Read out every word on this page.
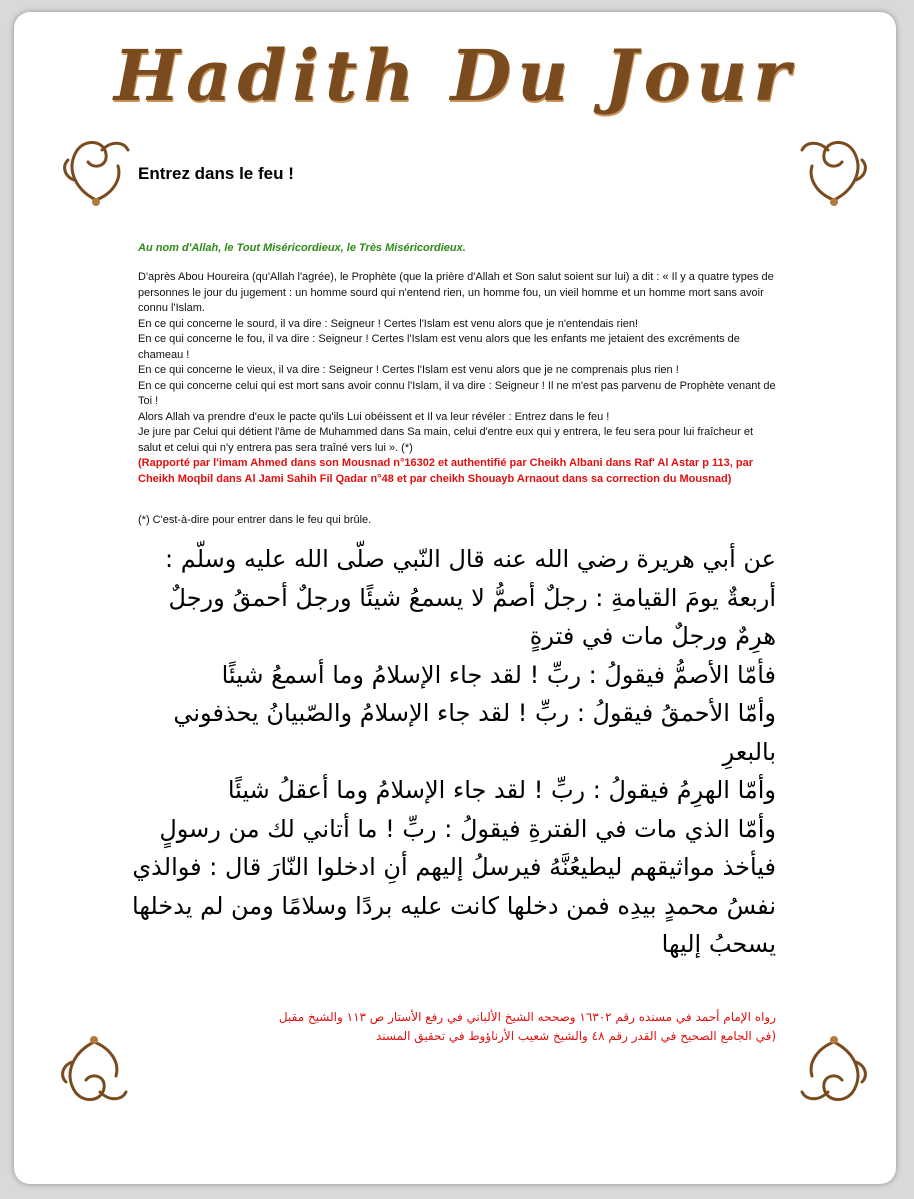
Hadith Du Jour
Entrez dans le feu !
Au nom d'Allah, le Tout Miséricordieux, le Très Miséricordieux.

D'après Abou Houreira (qu'Allah l'agrée), le Prophète (que la prière d'Allah et Son salut soient sur lui) a dit : « Il y a quatre types de personnes le jour du jugement : un homme sourd qui n'entend rien, un homme fou, un vieil homme et un homme mort sans avoir connu l'Islam.

En ce qui concerne le sourd, il va dire : Seigneur ! Certes l'Islam est venu alors que je n'entendais rien!

En ce qui concerne le fou, il va dire : Seigneur ! Certes l'Islam est venu alors que les enfants me jetaient des excréments de chameau !

En ce qui concerne le vieux, il va dire : Seigneur ! Certes l'Islam est venu alors que je ne comprenais plus rien !

En ce qui concerne celui qui est mort sans avoir connu l'Islam, il va dire : Seigneur ! Il ne m'est pas parvenu de Prophète venant de Toi !

Alors Allah va prendre d'eux le pacte qu'ils Lui obéissent et Il va leur révéler : Entrez dans le feu !

Je jure par Celui qui détient l'âme de Muhammed dans Sa main, celui d'entre eux qui y entrera, le feu sera pour lui fraîcheur et salut et celui qui n'y entrera pas sera traîné vers lui ». (*)

(Rapporté par l'imam Ahmed dans son Mousnad n°16302 et authentifié par Cheikh Albani dans Raf' Al Astar p 113, par Cheikh Moqbil dans Al Jami Sahih Fil Qadar n°48 et par cheikh Shouayb Arnaout dans sa correction du Mousnad)

(*) C'est-à-dire pour entrer dans le feu qui brûle.

عن أبي هريرة رضي الله عنه قال النّبي صلّى الله عليه وسلّم : أربعةٌ يومَ القيامةِ : رجلٌ أصمُّ لا يسمعُ شيئًا ورجلٌ أحمقُ ورجلٌ هرِمٌ ورجلٌ مات في فترةٍ

فأمّا الأصمُّ فيقولُ : ربِّ ! لقد جاء الإسلامُ وما أسمعُ شيئًا

وأمّا الأحمقُ فيقولُ : ربِّ ! لقد جاء الإسلامُ والصّبيانُ يحذفوني بالبعرِ

وأمّا الهرِمُ فيقولُ : ربِّ ! لقد جاء الإسلامُ وما أعقلُ شيئًا

وأمّا الذي مات في الفترةِ فيقولُ : ربِّ ! ما أتاني لك من رسولٍ

فيأخذ مواثيقهم ليطيعُنَّهُ فيرسلُ إليهم أنِ ادخلوا النّارَ قال : فوالذي نفسُ محمدٍ بيدِه فمن دخلها كانت عليه بردًا وسلامًا ومن لم يدخلها يسحبُ إليها

رواه الإمام أحمد في مسنده رقم ١٦٣٠٢ وصححه الشيخ الألباني في رفع الأستار ص ١١٣ والشيخ مقبل

(في الجامع الصحيح في القدر رقم ٤٨ والشيخ شعيب الأرناؤوط في تحقيق المسند
